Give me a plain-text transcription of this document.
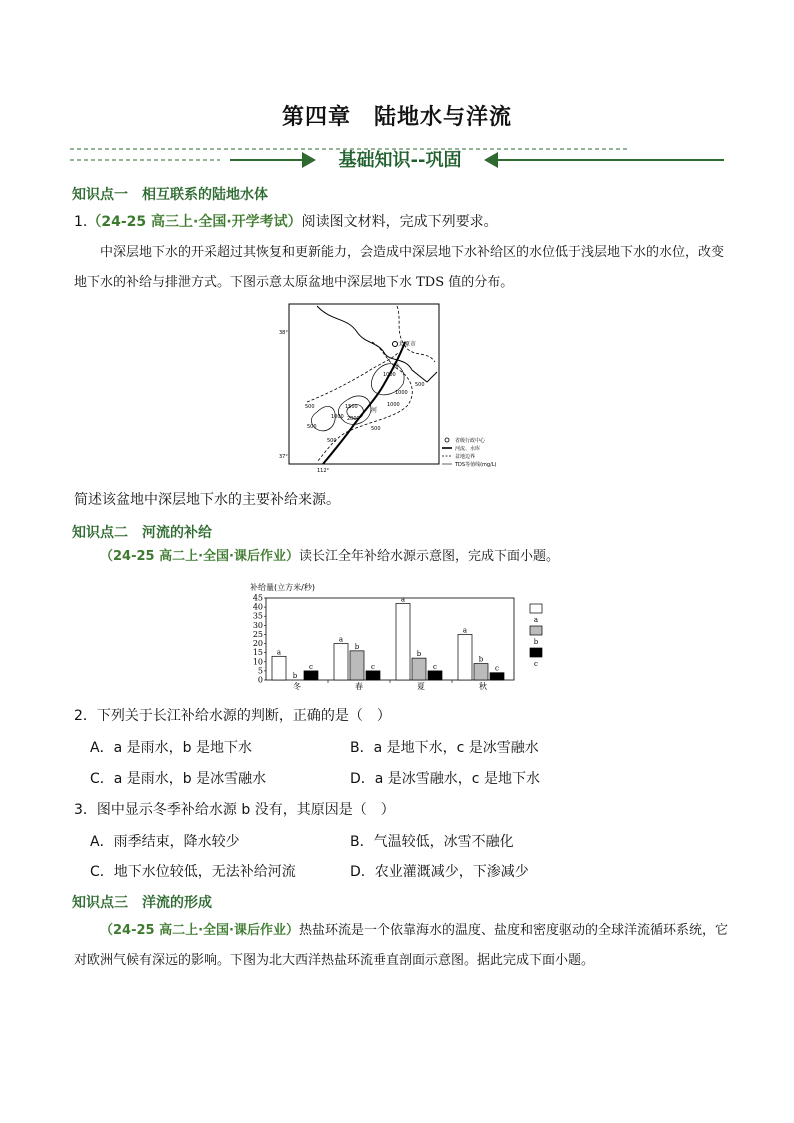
第四章　陆地水与洋流
基础知识--巩固
知识点一　相互联系的陆地水体
1.（24-25 高三上·全国·开学考试）阅读图文材料，完成下列要求。
中深层地下水的开采超过其恢复和更新能力，会造成中深层地下水补给区的水位低于浅层地下水的水位，改变地下水的补给与排泄方式。下图示意太原盆地中深层地下水 TDS 值的分布。
太原市
汾
河
500
1000
500
1000
500
1500	1000
500
2000
500
1000
38°
37°
112°
省级行政中心
河流、水库
盆地边界
TDS等值线(mg/L)
简述该盆地中深层地下水的主要补给来源。
知识点二　河流的补给
（24-25 高二上·全国·课后作业）读长江全年补给水源示意图，完成下面小题。
补给量(立方米/秒)
0
5
10
15
20
25
30
35
40
45
冬
a
b
c
春
a
b
c
夏
a
b
c
秋
a
b
c
a
b
c
2．下列关于长江补给水源的判断，正确的是（　）
A．a 是雨水，b 是地下水	B．a 是地下水，c 是冰雪融水
C．a 是雨水，b 是冰雪融水	D．a 是冰雪融水，c 是地下水
3．图中显示冬季补给水源 b 没有，其原因是（　）
A．雨季结束，降水较少	B．气温较低，冰雪不融化
C．地下水位较低，无法补给河流	D．农业灌溉减少，下渗减少
知识点三　洋流的形成
（24-25 高二上·全国·课后作业）热盐环流是一个依靠海水的温度、盐度和密度驱动的全球洋流循环系统，它对欧洲气候有深远的影响。下图为北大西洋热盐环流垂直剖面示意图。据此完成下面小题。
